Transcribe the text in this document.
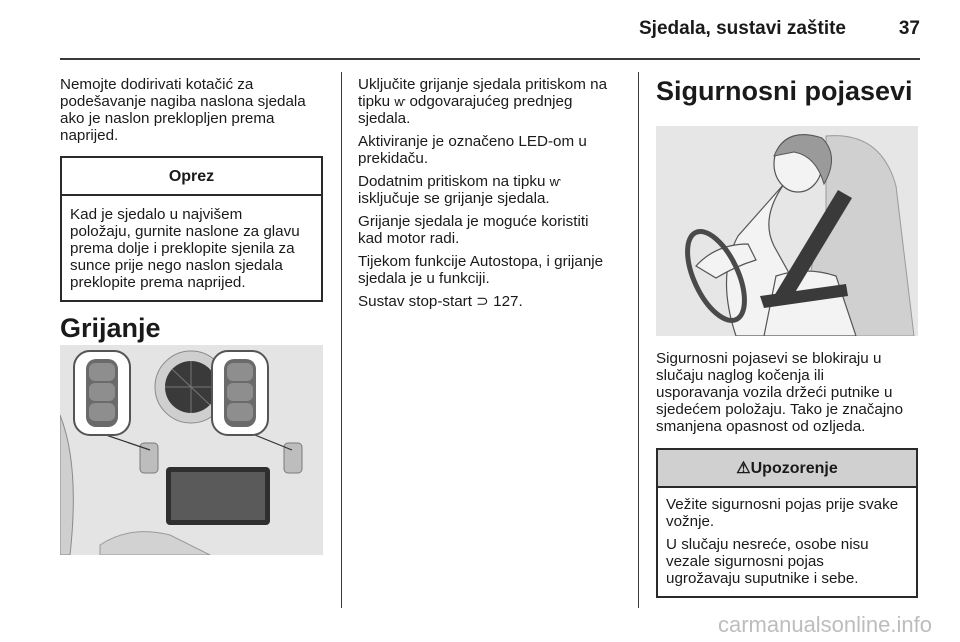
Sjedala, sustavi zaštite	37
Nemojte dodirivati kotačić za
podešavanje nagiba naslona sjedala
ako je naslon preklopljen prema
naprijed.
Oprez
Kad je sjedalo u najvišem
položaju, gurnite naslone za glavu
prema dolje i preklopite sjenila za
sunce prije nego naslon sjedala
preklopite prema naprijed.
Grijanje
Uključite grijanje sjedala pritiskom na
tipku ⱳ odgovarajućeg prednjeg
sjedala.
Aktiviranje je označeno LED-om u
prekidaču.
Dodatnim pritiskom na tipku ⱳ
isključuje se grijanje sjedala.
Grijanje sjedala je moguće koristiti
kad motor radi.
Tijekom funkcije Autostopa, i grijanje
sjedala je u funkciji.
Sustav stop-start ⊃ 127.
Sigurnosni pojasevi
Sigurnosni pojasevi se blokiraju u
slučaju naglog kočenja ili
usporavanja vozila držeći putnike u
sjedećem položaju. Tako je značajno
smanjena opasnost od ozljeda.
⚠Upozorenje
Vežite sigurnosni pojas prije svake
vožnje.
U slučaju nesreće, osobe nisu
vezale sigurnosni pojas
ugrožavaju suputnike i sebe.
carmanualsonline.info
